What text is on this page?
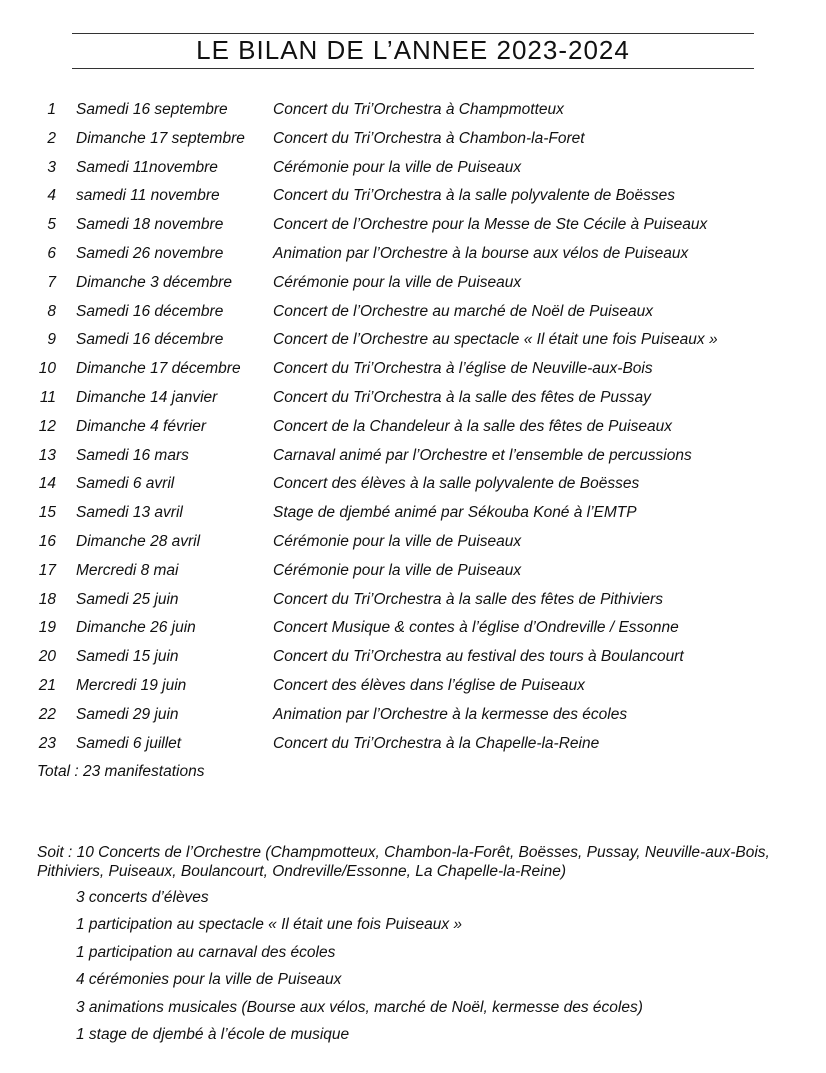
LE BILAN DE L’ANNEE 2023-2024
1 Samedi 16 septembre	Concert du Tri’Orchestra à Champmotteux
2 Dimanche 17 septembre Concert du Tri’Orchestra à Chambon-la-Foret
3 Samedi 11novembre	Cérémonie pour la ville de Puiseaux
4 samedi 11 novembre	Concert du Tri’Orchestra à la salle polyvalente de Boësses
5 Samedi 18 novembre	Concert de l’Orchestre pour la Messe de Ste Cécile à Puiseaux
6 Samedi 26 novembre	Animation par l’Orchestre à la bourse aux vélos de Puiseaux
7 Dimanche 3 décembre	Cérémonie pour la ville de Puiseaux
8 Samedi 16 décembre	Concert de l’Orchestre au marché de Noël de Puiseaux
9 Samedi 16 décembre	Concert de l’Orchestre au spectacle « Il était une fois Puiseaux »
10 Dimanche 17 décembre Concert du Tri’Orchestra à l’église de Neuville-aux-Bois
11 Dimanche 14 janvier	Concert du Tri’Orchestra à la salle des fêtes de Pussay
12 Dimanche 4 février	Concert de la Chandeleur à la salle des fêtes de Puiseaux
13 Samedi 16 mars	Carnaval animé par l’Orchestre et l’ensemble de percussions
14 Samedi 6 avril	Concert des élèves à la salle polyvalente de Boësses
15 Samedi 13 avril	Stage de djembé animé par Sékouba Koné à l’EMTP
16 Dimanche 28 avril	Cérémonie pour la ville de Puiseaux
17 Mercredi 8 mai	Cérémonie pour la ville de Puiseaux
18 Samedi 25 juin	Concert du Tri’Orchestra à la salle des fêtes de Pithiviers
19 Dimanche 26 juin	Concert Musique & contes à l’église d’Ondreville / Essonne
20 Samedi 15 juin	Concert du Tri’Orchestra au festival des tours à Boulancourt
21 Mercredi 19 juin	Concert des élèves dans l’église de Puiseaux
22 Samedi 29 juin	Animation par l’Orchestre à la kermesse des écoles
23 Samedi 6 juillet	Concert du Tri’Orchestra à la Chapelle-la-Reine
Total : 23 manifestations
Soit : 10 Concerts de l’Orchestre (Champmotteux, Chambon-la-Forêt, Boësses, Pussay, Neuville-aux-Bois, Pithiviers, Puiseaux, Boulancourt, Ondreville/Essonne, La Chapelle-la-Reine)
3 concerts d’élèves
1 participation au spectacle « Il était une fois Puiseaux »
1 participation au carnaval des écoles
4 cérémonies pour la ville de Puiseaux
3 animations musicales (Bourse aux vélos, marché de Noël, kermesse des écoles)
1 stage de djembé à l’école de musique
